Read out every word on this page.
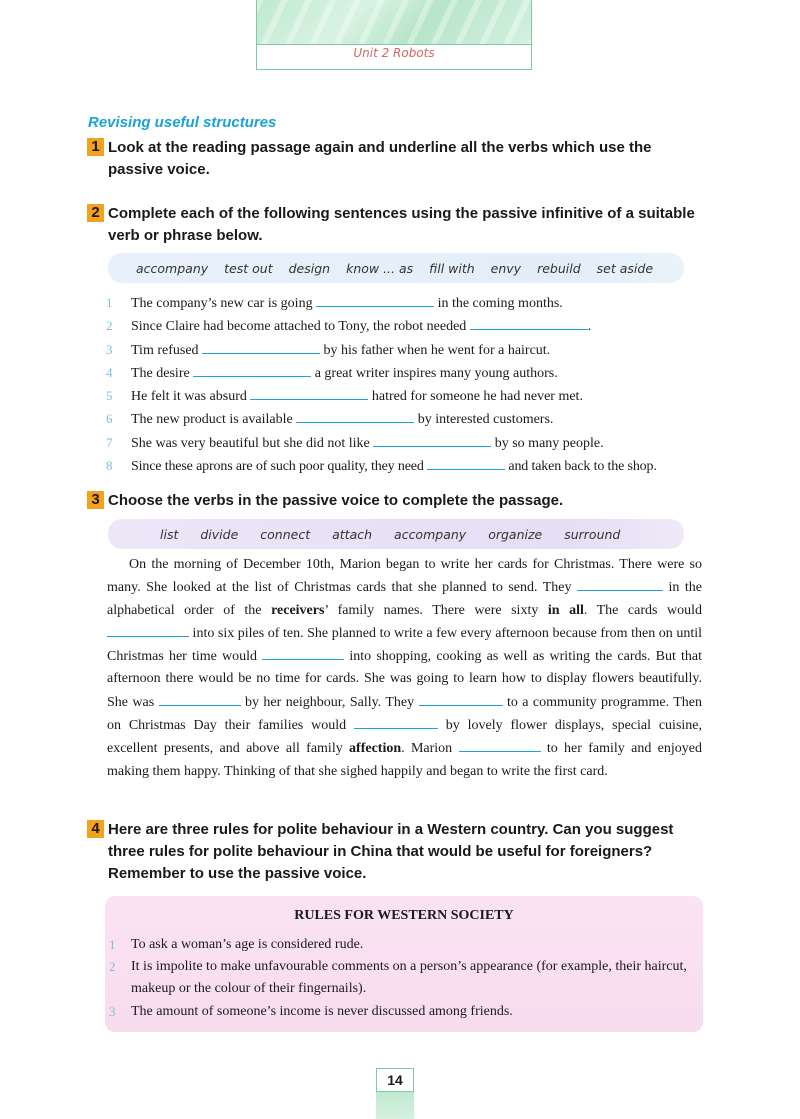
Unit 2 Robots
Revising useful structures
1 Look at the reading passage again and underline all the verbs which use the passive voice.
2 Complete each of the following sentences using the passive infinitive of a suitable verb or phrase below.
accompany test out design know ... as fill with envy rebuild set aside
1 The company’s new car is going	in the coming months.
2 Since Claire had become attached to Tony, the robot needed	.
3 Tim refused	by his father when he went for a haircut.
4 The desire	a great writer inspires many young authors.
5 He felt it was absurd	hatred for someone he had never met.
6 The new product is available	by interested customers.
7 She was very beautiful but she did not like	by so many people.
8 Since these aprons are of such poor quality, they need	and taken back to the shop.
3 Choose the verbs in the passive voice to complete the passage.
list divide connect attach accompany organize surround

On the morning of December 10th, Marion began to write her cards for Christmas. There were so many. She looked at the list of Christmas cards that she planned to send. They	in the alphabetical order of the receivers’ family names. There were sixty in all. The cards would  into six piles of ten. She planned to write a few every afternoon because from then on until Christmas her time would	into shopping, cooking as well as writing the cards. But that afternoon there would be no time for cards. She was going to learn how to display flowers beautifully. She was	by her neighbour, Sally. They	to a community programme. Then on Christmas Day their families would	by lovely flower displays, special cuisine, excellent presents, and above all family affection. Marion	to her family and enjoyed making them happy. Thinking of that she sighed happily and began to write the first card.

4 Here are three rules for polite behaviour in a Western country. Can you suggest three rules for polite behaviour in China that would be useful for foreigners? Remember to use the passive voice.
RULES FOR WESTERN SOCIETY
1 To ask a woman’s age is considered rude.
2 It is impolite to make unfavourable comments on a person’s appearance (for example, their haircut, makeup or the colour of their fingernails).
3 The amount of someone’s income is never discussed among friends.
14
